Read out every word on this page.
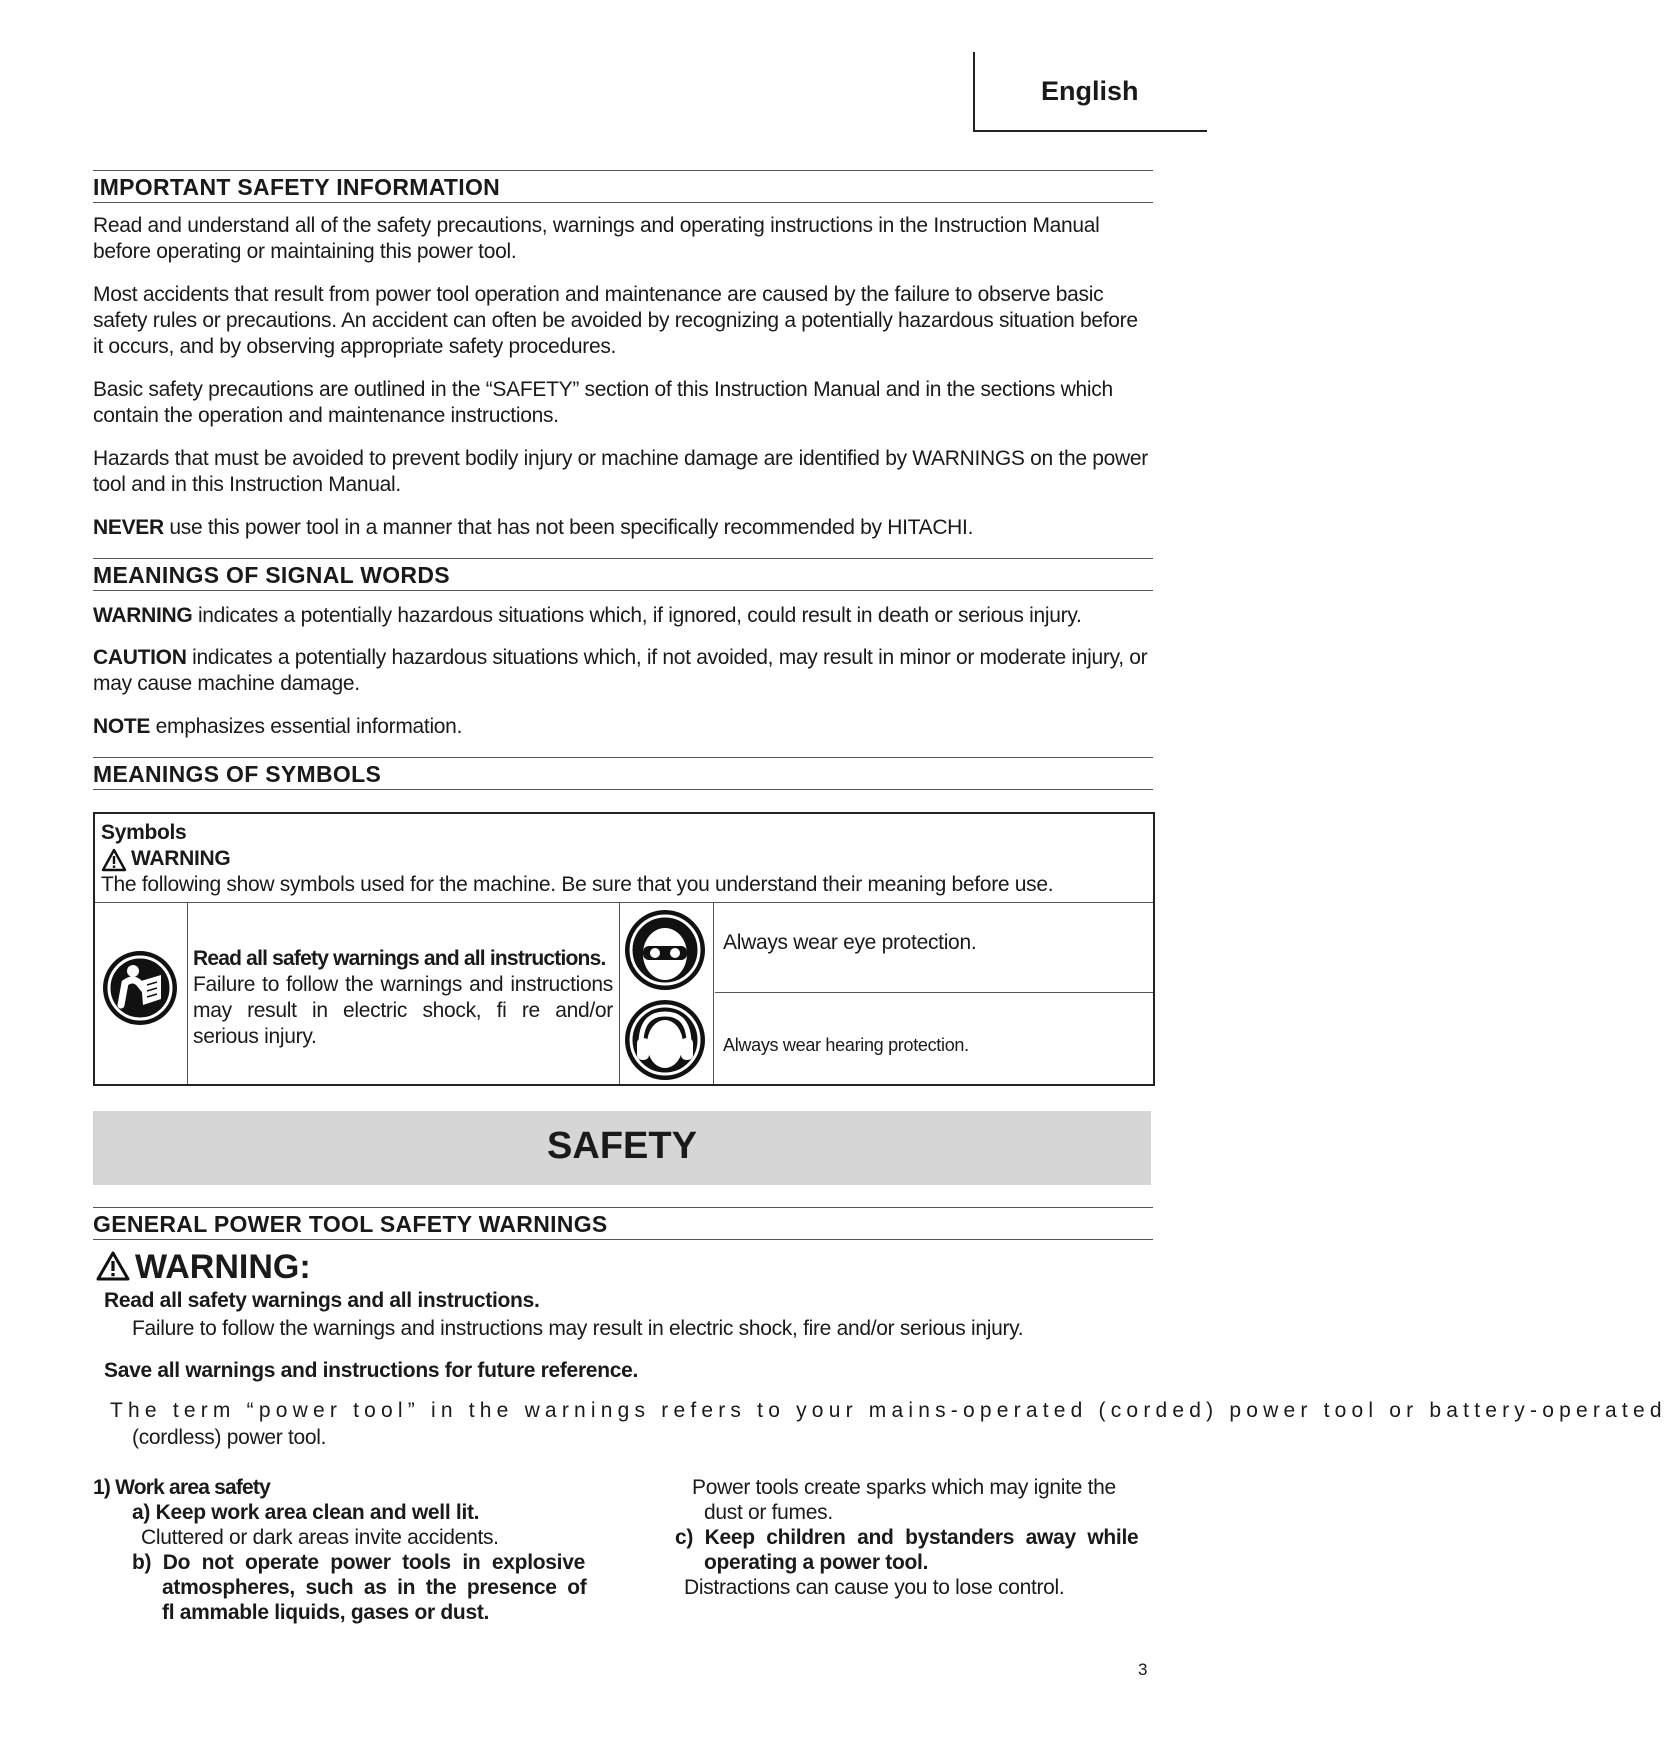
English
IMPORTANT SAFETY INFORMATION
Read and understand all of the safety precautions, warnings and operating instructions in the Instruction Manual before operating or maintaining this power tool.
Most accidents that result from power tool operation and maintenance are caused by the failure to observe basic safety rules or precautions. An accident can often be avoided by recognizing a potentially hazardous situation before it occurs, and by observing appropriate safety procedures.
Basic safety precautions are outlined in the “SAFETY” section of this Instruction Manual and in the sections which contain the operation and maintenance instructions.
Hazards that must be avoided to prevent bodily injury or machine damage are identified by WARNINGS on the power tool and in this Instruction Manual.
NEVER use this power tool in a manner that has not been specifically recommended by HITACHI.
MEANINGS OF SIGNAL WORDS
WARNING indicates a potentially hazardous situations which, if ignored, could result in death or serious injury.
CAUTION indicates a potentially hazardous situations which, if not avoided, may result in minor or moderate injury, or may cause machine damage.
NOTE emphasizes essential information.
MEANINGS OF SYMBOLS
Symbols
WARNING
The following show symbols used for the machine. Be sure that you understand their meaning before use.
Read all safety warnings and all instructions.
Failure to follow the warnings and instructions may result in electric shock, fi re and/or serious injury.
Always wear eye protection.
Always wear hearing protection.
SAFETY
GENERAL POWER TOOL SAFETY WARNINGS
WARNING:
Read all safety warnings and all instructions.
Failure to follow the warnings and instructions may result in electric shock, fire and/or serious injury.
Save all warnings and instructions for future reference.
The term “power tool” in the warnings refers to your mains-operated (corded) power tool or battery-operated
(cordless) power tool.
1) Work area safety
a) Keep work area clean and well lit.
Cluttered or dark areas invite accidents.
b) Do not operate power tools in explosive
atmospheres, such as in the presence of
fl ammable liquids, gases or dust.
Power tools create sparks which may ignite the
dust or fumes.
c) Keep children and bystanders away while
operating a power tool.
Distractions can cause you to lose control.
3
